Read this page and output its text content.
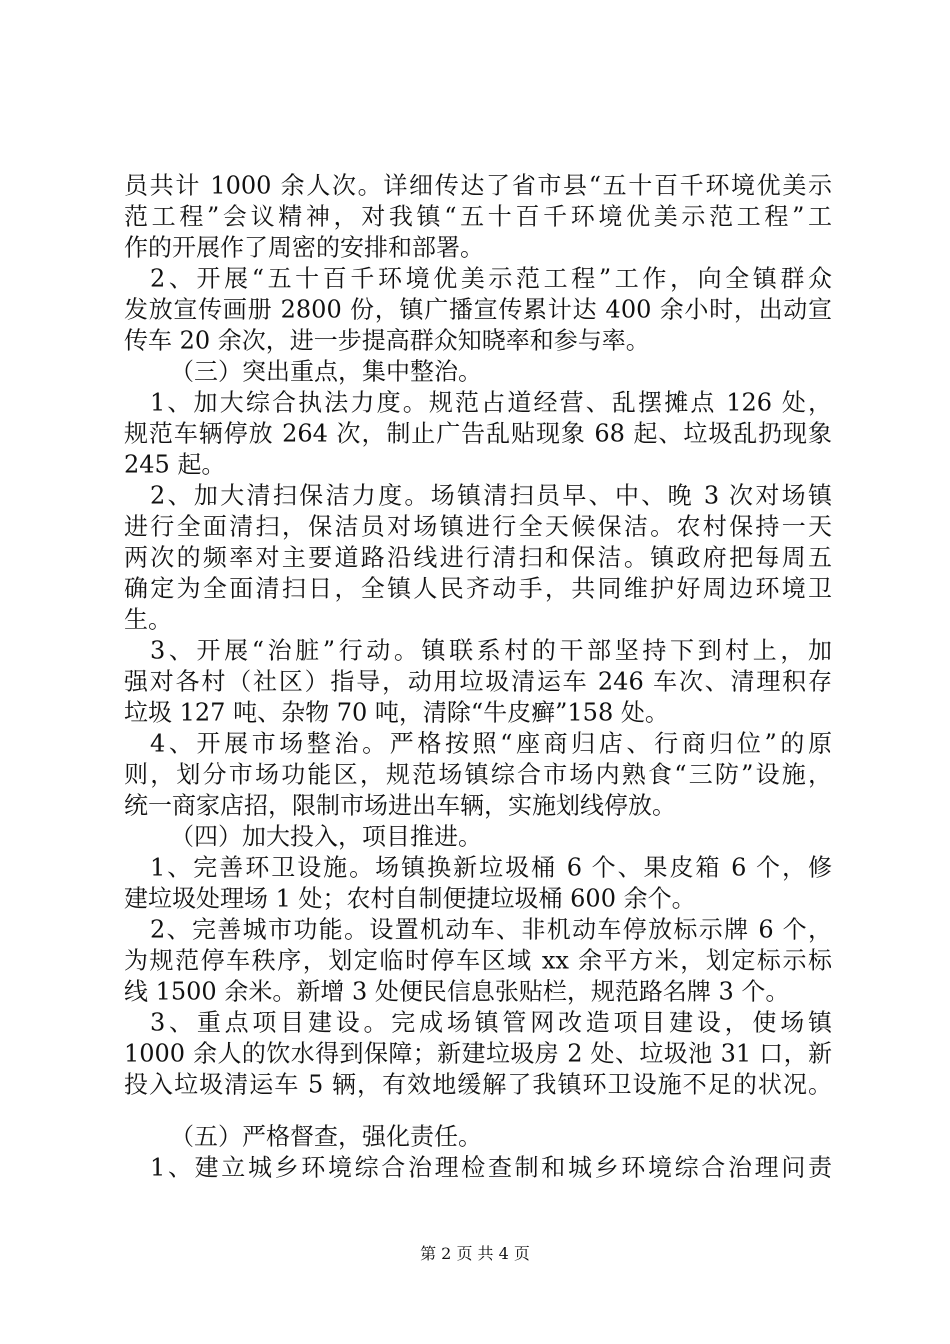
员共计 1000 余人次。详细传达了省市县“五十百千环境优美示
范工程”会议精神，对我镇“五十百千环境优美示范工程”工
作的开展作了周密的安排和部署。
2、开展“五十百千环境优美示范工程”工作，向全镇群众
发放宣传画册 2800 份，镇广播宣传累计达 400 余小时，出动宣
传车 20 余次，进一步提高群众知晓率和参与率。
（三）突出重点，集中整治。
1、加大综合执法力度。规范占道经营、乱摆摊点 126 处，
规范车辆停放 264 次，制止广告乱贴现象 68 起、垃圾乱扔现象
245 起。
2、加大清扫保洁力度。场镇清扫员早、中、晚 3 次对场镇
进行全面清扫，保洁员对场镇进行全天候保洁。农村保持一天
两次的频率对主要道路沿线进行清扫和保洁。镇政府把每周五
确定为全面清扫日，全镇人民齐动手，共同维护好周边环境卫
生。
3、开展“治脏”行动。镇联系村的干部坚持下到村上，加
强对各村（社区）指导，动用垃圾清运车 246 车次、清理积存
垃圾 127 吨、杂物 70 吨，清除“牛皮癣”158 处。
4、开展市场整治。严格按照“座商归店、行商归位”的原
则，划分市场功能区，规范场镇综合市场内熟食“三防”设施，
统一商家店招，限制市场进出车辆，实施划线停放。
（四）加大投入，项目推进。
1、完善环卫设施。场镇换新垃圾桶 6 个、果皮箱 6 个，修
建垃圾处理场 1 处；农村自制便捷垃圾桶 600 余个。
2、完善城市功能。设置机动车、非机动车停放标示牌 6 个，
为规范停车秩序，划定临时停车区域 xx 余平方米，划定标示标
线 1500 余米。新增 3 处便民信息张贴栏，规范路名牌 3 个。
3、重点项目建设。完成场镇管网改造项目建设，使场镇
1000 余人的饮水得到保障；新建垃圾房 2 处、垃圾池 31 口，新
投入垃圾清运车 5 辆，有效地缓解了我镇环卫设施不足的状况。
（五）严格督查，强化责任。
1、建立城乡环境综合治理检查制和城乡环境综合治理问责
第 2 页 共 4 页
